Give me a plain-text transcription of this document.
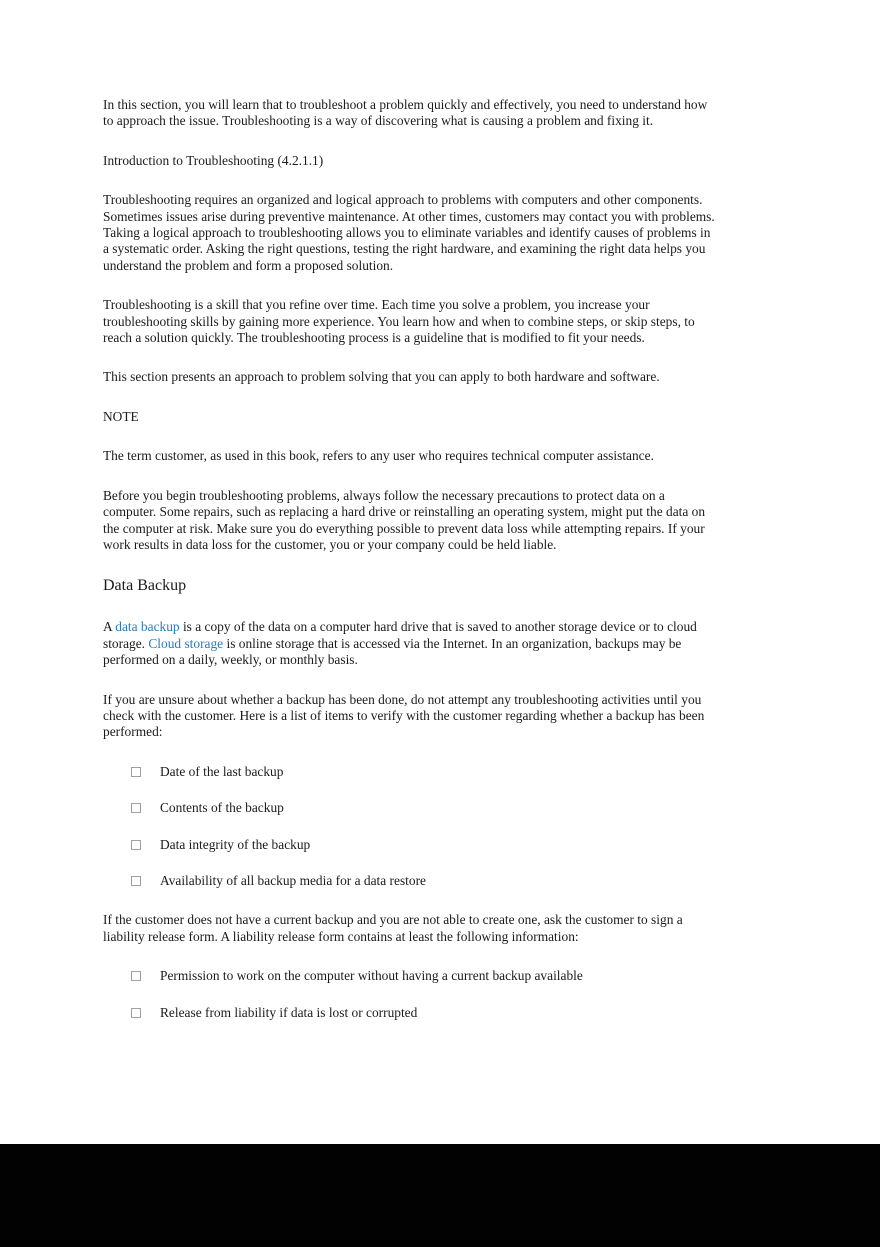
In this section, you will learn that to troubleshoot a problem quickly and effectively, you need to understand how to approach the issue. Troubleshooting is a way of discovering what is causing a problem and fixing it.

Introduction to Troubleshooting (4.2.1.1)

Troubleshooting requires an organized and logical approach to problems with computers and other components. Sometimes issues arise during preventive maintenance. At other times, customers may contact you with problems. Taking a logical approach to troubleshooting allows you to eliminate variables and identify causes of problems in a systematic order. Asking the right questions, testing the right hardware, and examining the right data helps you understand the problem and form a proposed solution.

Troubleshooting is a skill that you refine over time. Each time you solve a problem, you increase your troubleshooting skills by gaining more experience. You learn how and when to combine steps, or skip steps, to reach a solution quickly. The troubleshooting process is a guideline that is modified to fit your needs.

This section presents an approach to problem solving that you can apply to both hardware and software.

NOTE

The term customer, as used in this book, refers to any user who requires technical computer assistance.

Before you begin troubleshooting problems, always follow the necessary precautions to protect data on a computer. Some repairs, such as replacing a hard drive or reinstalling an operating system, might put the data on the computer at risk. Make sure you do everything possible to prevent data loss while attempting repairs. If your work results in data loss for the customer, you or your company could be held liable.

Data Backup

A data backup is a copy of the data on a computer hard drive that is saved to another storage device or to cloud storage. Cloud storage is online storage that is accessed via the Internet. In an organization, backups may be performed on a daily, weekly, or monthly basis.

If you are unsure about whether a backup has been done, do not attempt any troubleshooting activities until you check with the customer. Here is a list of items to verify with the customer regarding whether a backup has been performed:

Date of the last backup
Contents of the backup
Data integrity of the backup
Availability of all backup media for a data restore

If the customer does not have a current backup and you are not able to create one, ask the customer to sign a liability release form. A liability release form contains at least the following information:

Permission to work on the computer without having a current backup available
Release from liability if data is lost or corrupted
